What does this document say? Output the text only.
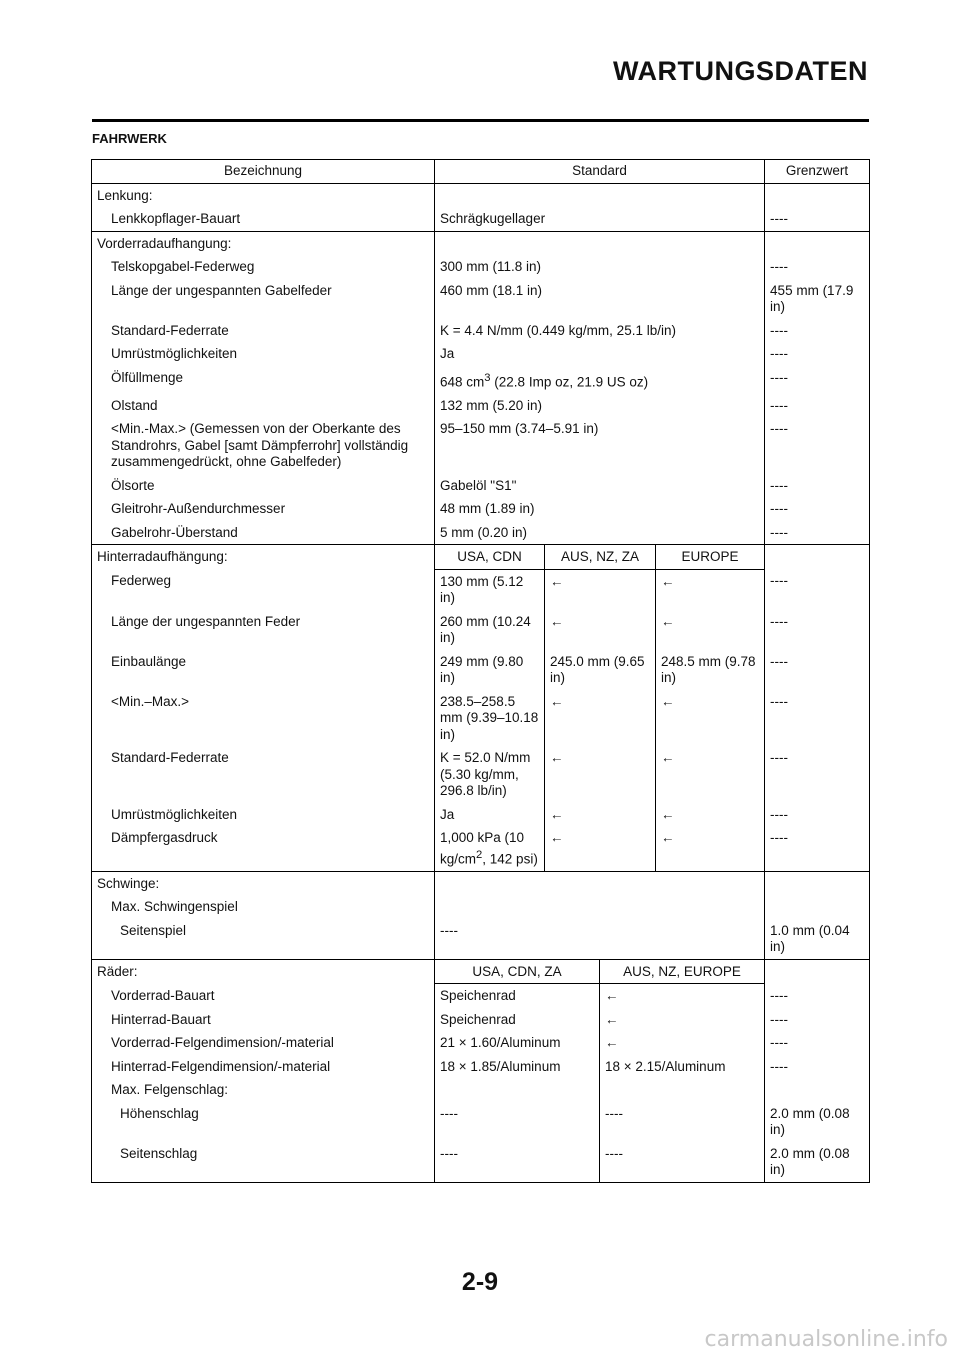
WARTUNGSDATEN
FAHRWERK
Bezeichnung	Standard				Grenzwert
Lenkung:					
Lenkkopflager-Bauart	Schrägkugellager				----
Vorderradaufhangung:					
Telskopgabel-Federweg	300 mm (11.8 in)				----
Länge der ungespannten Gabelfeder	460 mm (18.1 in)				455 mm (17.9 in)
Standard-Federrate	K = 4.4 N/mm (0.449 kg/mm, 25.1 lb/in)				----
Umrüstmöglichkeiten	Ja				----
Ölfüllmenge	648 $cm^3$ (22.8 Imp oz, 21.9 US oz)				----
Olstand	132 mm (5.20 in)				----
<Min.-Max.> (Gemessen von der Oberkante des Standrohrs, Gabel [samt Dämpferrohr] vollständig zusammengedrückt, ohne Gabelfeder)	95–150 mm (3.74–5.91 in)				----
Ölsorte	Gabelöl "S1"				----
Gleitrohr-Außendurchmesser	48 mm (1.89 in)				----
Gabelrohr-Überstand	5 mm (0.20 in)				----
Hinterradaufhängung:	USA, CDN	AUS, NZ, ZA		EUROPE	
Federweg	130 mm (5.12 in)	←		←	----
Länge der ungespannten Feder	260 mm (10.24 in)	←		←	----
Einbaulänge	249 mm (9.80 in)	245.0 mm (9.65 in)		248.5 mm (9.78 in)	----
<Min.–Max.>	238.5–258.5 mm (9.39–10.18 in)	←		←	----
Standard-Federrate	K = 52.0 N/mm (5.30 kg/mm, 296.8 lb/in)	←		←	----
Umrüstmöglichkeiten	Ja	←		←	----
Dämpfergasdruck	1,000 kPa (10 $kg/cm^2$, 142 psi)	←		←	----
Schwinge:					
Max. Schwingenspiel					
Seitenspiel	----				1.0 mm (0.04 in)
Räder:	USA, CDN, ZA		AUS, NZ, EUROPE		
Vorderrad-Bauart	Speichenrad		←		----
Hinterrad-Bauart	Speichenrad		←		----
Vorderrad-Felgendimension/-material	21 × 1.60/Aluminum		←		----
Hinterrad-Felgendimension/-material	18 × 1.85/Aluminum		18 × 2.15/Aluminum		----
Max. Felgenschlag:					
Höhenschlag	----		----		2.0 mm (0.08 in)
Seitenschlag	----		----		2.0 mm (0.08 in)

2-9

carmanualsonline.info
